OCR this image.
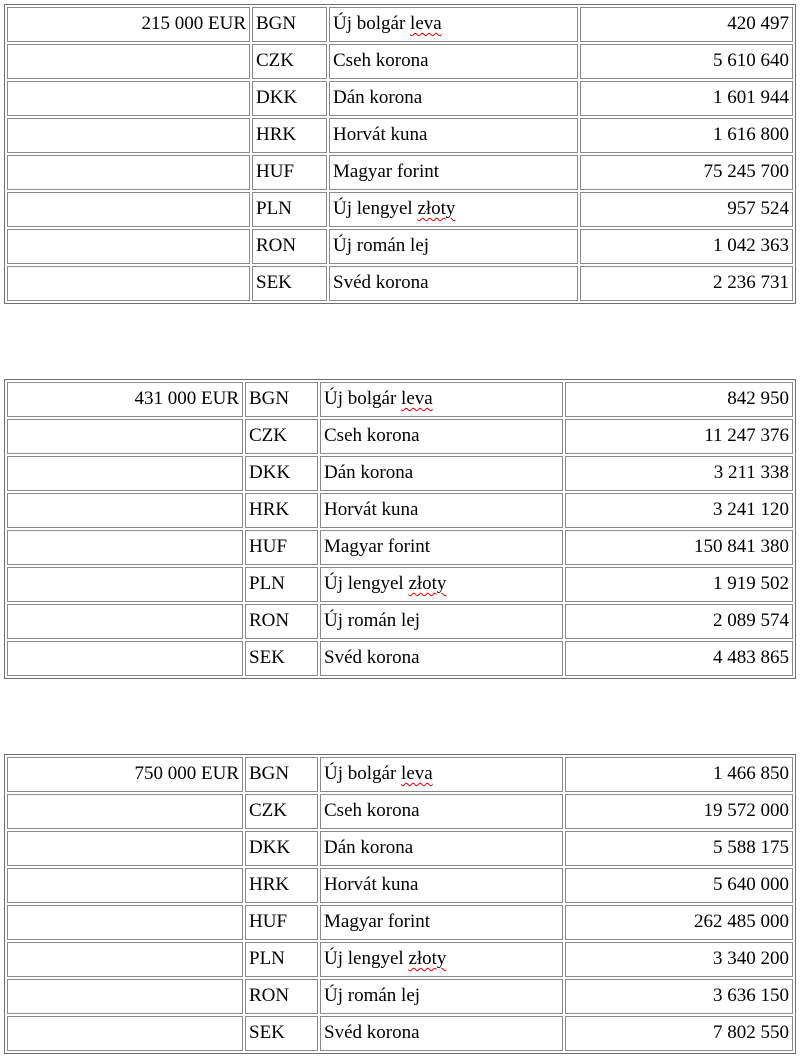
215 000 EUR	BGN	Új bolgár leva	420 497
	CZK	Cseh korona	5 610 640
	DKK	Dán korona	1 601 944
	HRK	Horvát kuna	1 616 800
	HUF	Magyar forint	75 245 700
	PLN	Új lengyel złoty	957 524
	RON	Új román lej	1 042 363
	SEK	Svéd korona	2 236 731
431 000 EUR	BGN	Új bolgár leva	842 950
	CZK	Cseh korona	11 247 376
	DKK	Dán korona	3 211 338
	HRK	Horvát kuna	3 241 120
	HUF	Magyar forint	150 841 380
	PLN	Új lengyel złoty	1 919 502
	RON	Új román lej	2 089 574
	SEK	Svéd korona	4 483 865
750 000 EUR	BGN	Új bolgár leva	1 466 850
	CZK	Cseh korona	19 572 000
	DKK	Dán korona	5 588 175
	HRK	Horvát kuna	5 640 000
	HUF	Magyar forint	262 485 000
	PLN	Új lengyel złoty	3 340 200
	RON	Új román lej	3 636 150
	SEK	Svéd korona	7 802 550
